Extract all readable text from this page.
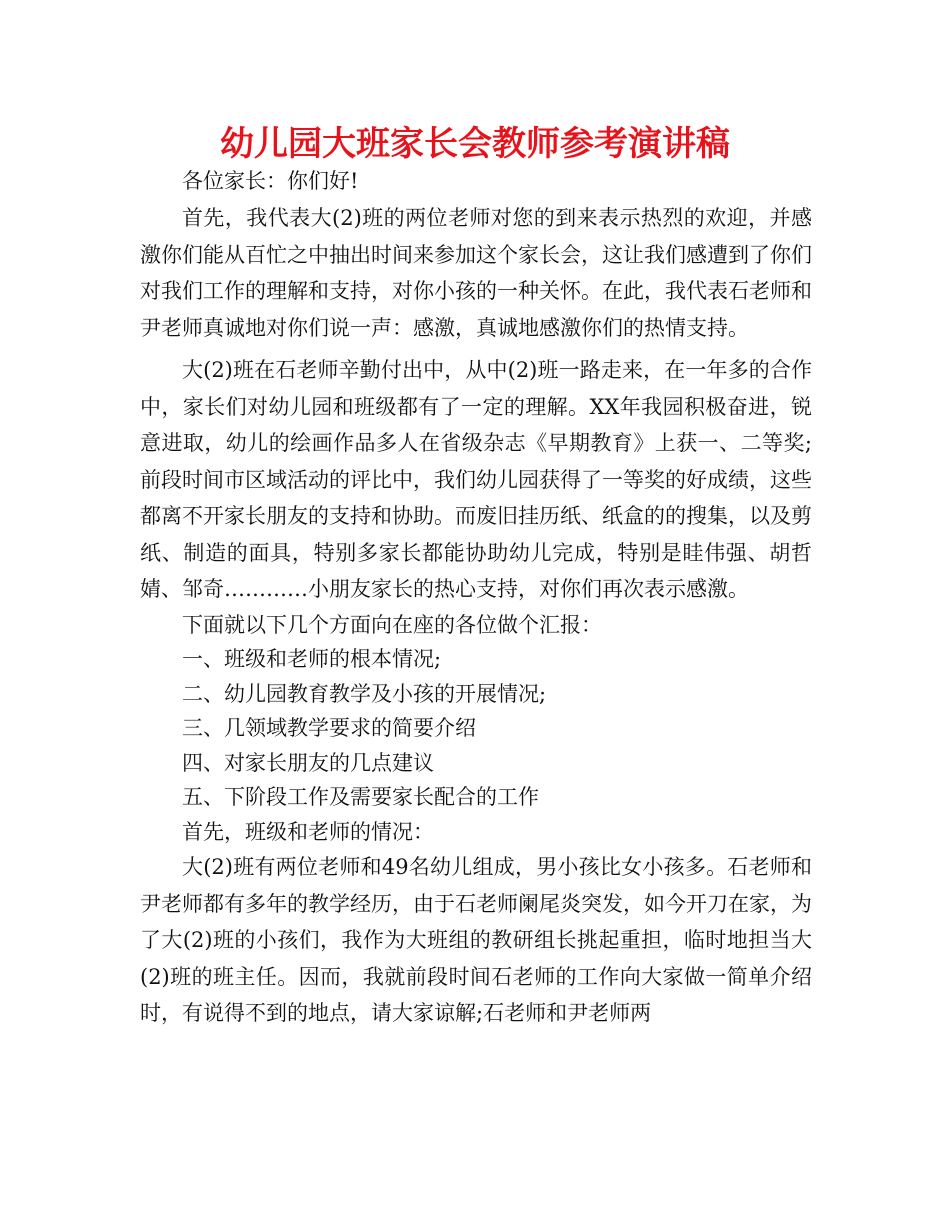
幼儿园大班家长会教师参考演讲稿

各位家长：你们好!

首先，我代表大(2)班的两位老师对您的到来表示热烈的欢迎，并感激你们能从百忙之中抽出时间来参加这个家长会，这让我们感遭到了你们对我们工作的理解和支持，对你小孩的一种关怀。在此，我代表石老师和尹老师真诚地对你们说一声：感激，真诚地感激你们的热情支持。

大(2)班在石老师辛勤付出中，从中(2)班一路走来，在一年多的合作中，家长们对幼儿园和班级都有了一定的理解。XX年我园积极奋进，锐意进取，幼儿的绘画作品多人在省级杂志《早期教育》上获一、二等奖;前段时间市区域活动的评比中，我们幼儿园获得了一等奖的好成绩，这些都离不开家长朋友的支持和协助。而废旧挂历纸、纸盒的的搜集，以及剪纸、制造的面具，特别多家长都能协助幼儿完成，特别是眭伟强、胡哲婧、邹奇…………小朋友家长的热心支持，对你们再次表示感激。

下面就以下几个方面向在座的各位做个汇报：

一、班级和老师的根本情况;

二、幼儿园教育教学及小孩的开展情况;

三、几领域教学要求的简要介绍

四、对家长朋友的几点建议

五、下阶段工作及需要家长配合的工作

首先，班级和老师的情况：

大(2)班有两位老师和49名幼儿组成，男小孩比女小孩多。石老师和尹老师都有多年的教学经历，由于石老师阑尾炎突发，如今开刀在家，为了大(2)班的小孩们，我作为大班组的教研组长挑起重担，临时地担当大(2)班的班主任。因而，我就前段时间石老师的工作向大家做一简单介绍时，有说得不到的地点，请大家谅解;石老师和尹老师两
